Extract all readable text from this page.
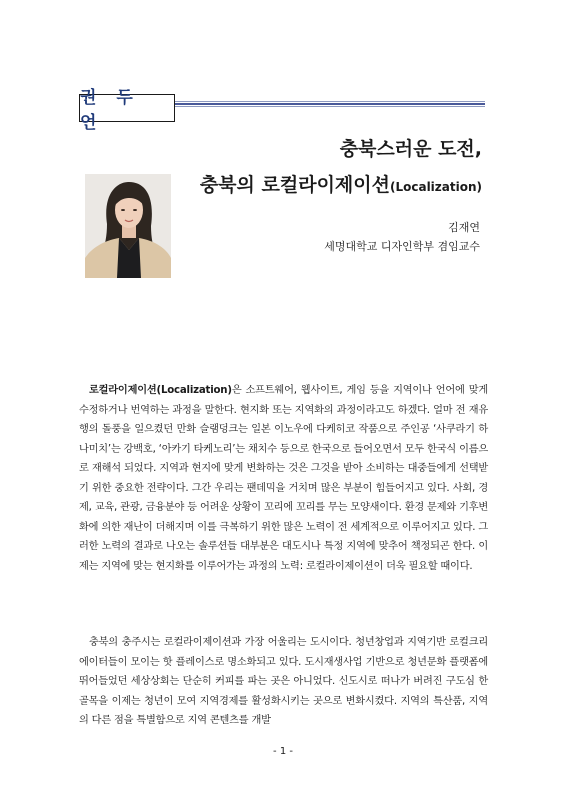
권 두 언
충북스러운 도전,
충북의 로컬라이제이션(Localization)
김재연
세명대학교 디자인학부 겸임교수

로컬라이제이션(Localization)은 소프트웨어, 웹사이트, 게임 등을 지역이나 언어에 맞게 수정하거나 번역하는 과정을 말한다. 현지화 또는 지역화의 과정이라고도 하겠다. 얼마 전 재유행의 돌풍을 일으켰던 만화 슬램덩크는 일본 이노우에 다케히코 작품으로 주인공 ‘사쿠라기 하나미치’는 강백호, ‘아카기 타케노리’는 채치수 등으로 한국으로 들어오면서 모두 한국식 이름으로 재해석 되었다. 지역과 현지에 맞게 변화하는 것은 그것을 받아 소비하는 대중들에게 선택받기 위한 중요한 전략이다. 그간 우리는 팬데믹을 거치며 많은 부분이 힘들어지고 있다. 사회, 경제, 교육, 관광, 금융분야 등 어려운 상황이 꼬리에 꼬리를 무는 모양새이다. 환경 문제와 기후변화에 의한 재난이 더해지며 이를 극복하기 위한 많은 노력이 전 세계적으로 이루어지고 있다. 그러한 노력의 결과로 나오는 솔루션들 대부분은 대도시나 특정 지역에 맞추어 책정되곤 한다. 이제는 지역에 맞는 현지화를 이루어가는 과정의 노력: 로컬라이제이션이 더욱 필요할 때이다.

충북의 충주시는 로컬라이제이션과 가장 어울리는 도시이다. 청년창업과 지역기반 로컬크리에이터들이 모이는 핫 플레이스로 명소화되고 있다. 도시재생사업 기반으로 청년문화 플랫폼에 뛰어들었던 세상상회는 단순히 커피를 파는 곳은 아니었다. 신도시로 떠나가 버려진 구도심 한 골목을 이제는 청년이 모여 지역경제를 활성화시키는 곳으로 변화시켰다. 지역의 특산품, 지역의 다른 점을 특별함으로 지역 콘텐츠를 개발

- 1 -
